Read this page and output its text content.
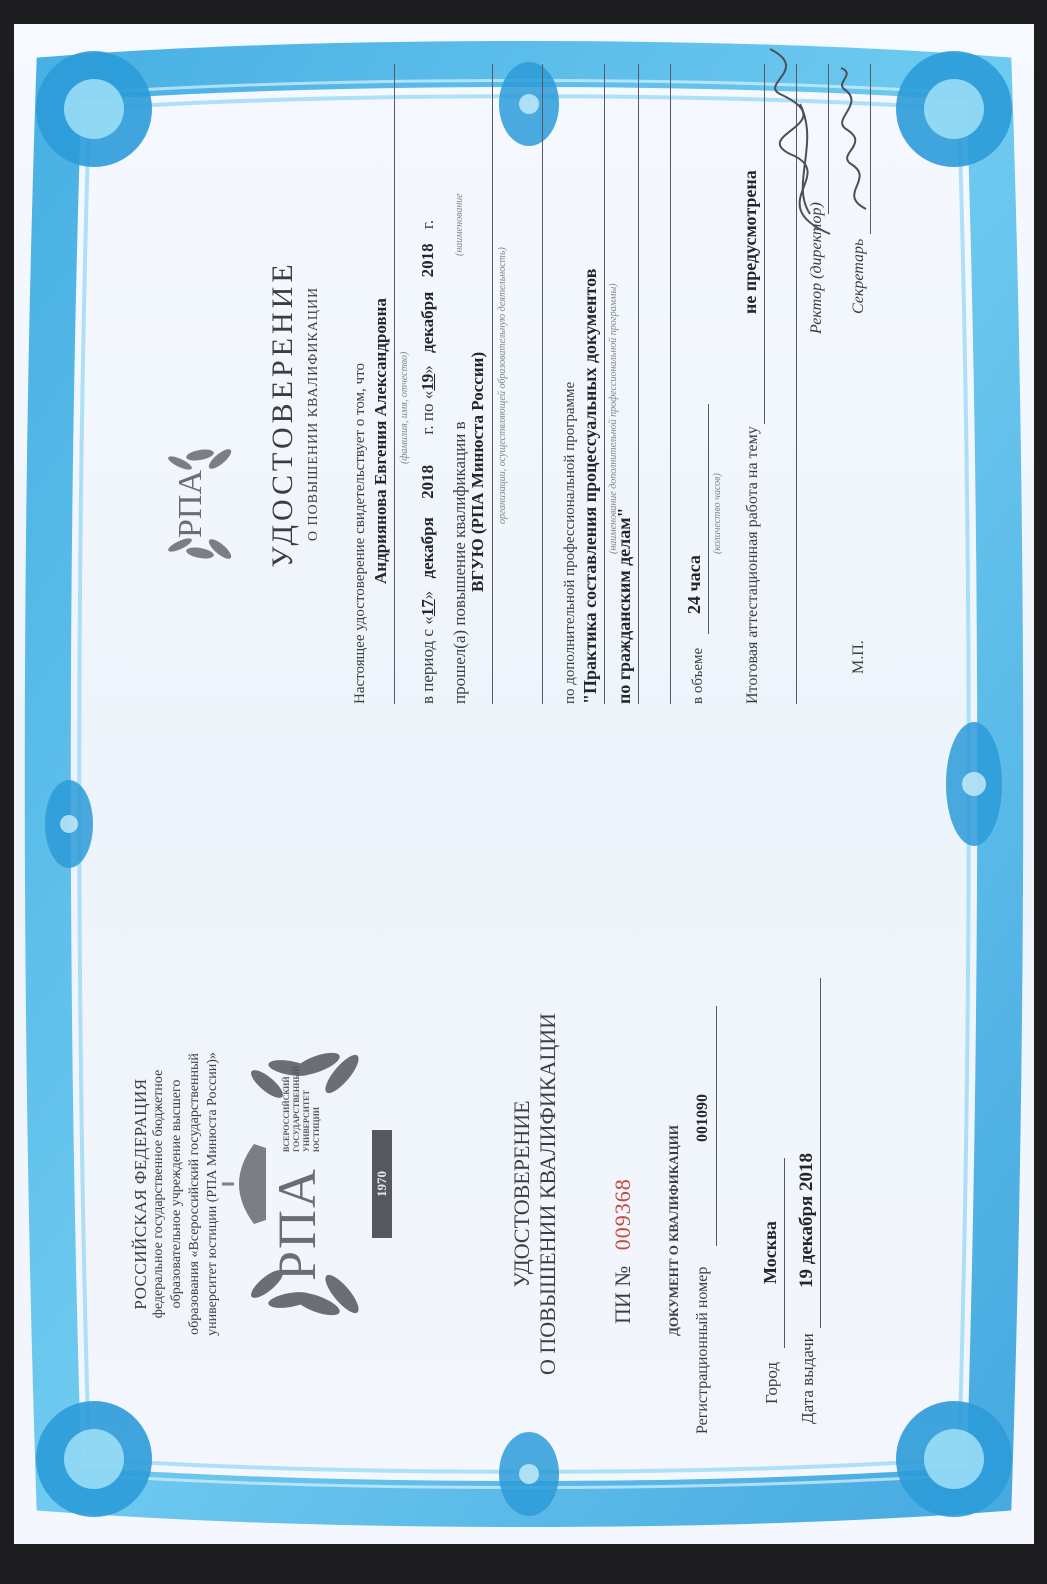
РОССИЙСКАЯ ФЕДЕРАЦИЯ федеральное государственное бюджетное образовательное учреждение высшего образования «Всероссийский государственный университет юстиции (РПА Минюста России)» РПА
ВСЕРОССИЙСКИЙ ГОСУДАРСТВЕННЫЙ УНИВЕРСИТЕТ ЮСТИЦИИ
1970	УДОСТОВЕРЕНИЕ О ПОВЫШЕНИИ КВАЛИФИКАЦИИ ПИ № 009368 ДОКУМЕНТ О КВАЛИФИКАЦИИ
Регистрационный номер
001090
Город
Москва
Дата выдачи
19 декабря 2018
РПА УДОСТОВЕРЕНИЕ О ПОВЫШЕНИИ КВАЛИФИКАЦИИ Настоящее удостоверение свидетельствует о том, что Андриянова Евгения Александровна (фамилия, имя, отчество)
в период с «17» декабря 2018 г. по «19» декабря 2018 г.
прошел(а) повышение квалификации в ВГУЮ (РПА Минюста России)
(наименование
организации, осуществляющей образовательную деятельность)	по дополнительной профессиональной программе "Практика составления процессуальных документов (наименование дополнительной профессиональной программы)
по гражданским делам"	в объеме
24 часа
(количество часов) Итоговая аттестационная работа на тему
не предусмотрена	Ректор (директор)
М.П.
Секретарь
